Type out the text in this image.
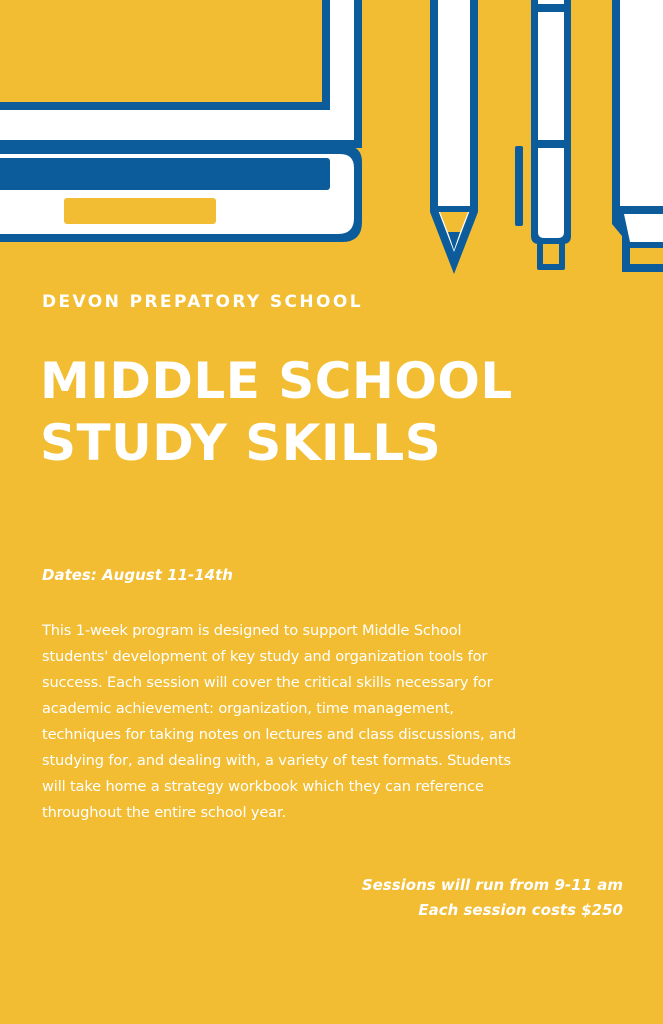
DEVON PREPATORY SCHOOL

MIDDLE SCHOOL
STUDY SKILLS

Dates: August 11-14th

This 1-week program is designed to support Middle School students' development of key study and organization tools for success. Each session will cover the critical skills necessary for academic achievement: organization, time management, techniques for taking notes on lectures and class discussions, and studying for, and dealing with, a variety of test formats. Students will take home a strategy workbook which they can reference throughout the entire school year.

Sessions will run from 9-11 am
Each session costs $250
